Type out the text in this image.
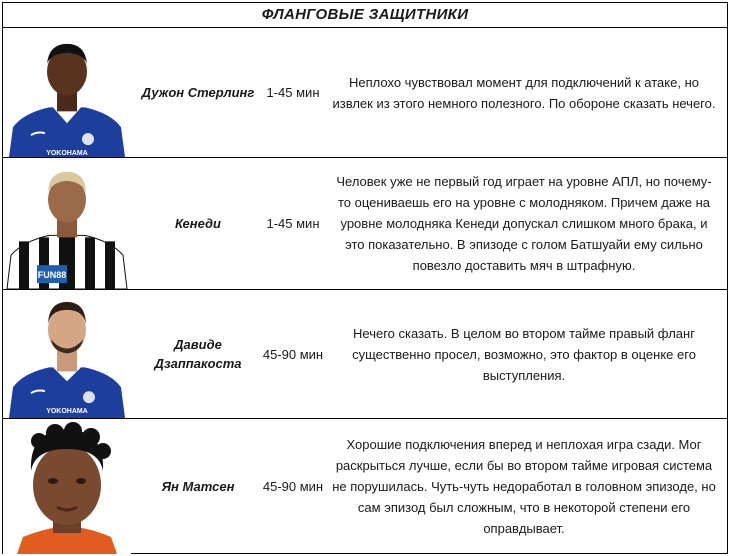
ФЛАНГОВЫЕ ЗАЩИТНИКИ
YOKOHAMA
Дужон Стерлинг 1-45 мин
Неплохо чувствовал момент для подключений к атаке, но извлек из этого немного полезного. По обороне сказать нечего.
FUN88
Кенеди	1-45 мин
Человек уже не первый год играет на уровне АПЛ, но почему-то оцениваешь его на уровне с молодняком. Причем даже на уровне молодняка Кенеди допускал слишком много брака, и это показательно. В эпизоде с голом Батшуайи ему сильно повезло доставить мяч в штрафную.
YOKOHAMA
Давиде Дзаппакоста
45-90 мин
Нечего сказать. В целом во втором тайме правый фланг существенно просел, возможно, это фактор в оценке его выступления.
Ян Матсен	45-90 мин
Хорошие подключения вперед и неплохая игра сзади. Мог раскрыться лучше, если бы во втором тайме игровая система не порушилась. Чуть-чуть недоработал в головном эпизоде, но сам эпизод был сложным, что в некоторой степени его оправдывает.
